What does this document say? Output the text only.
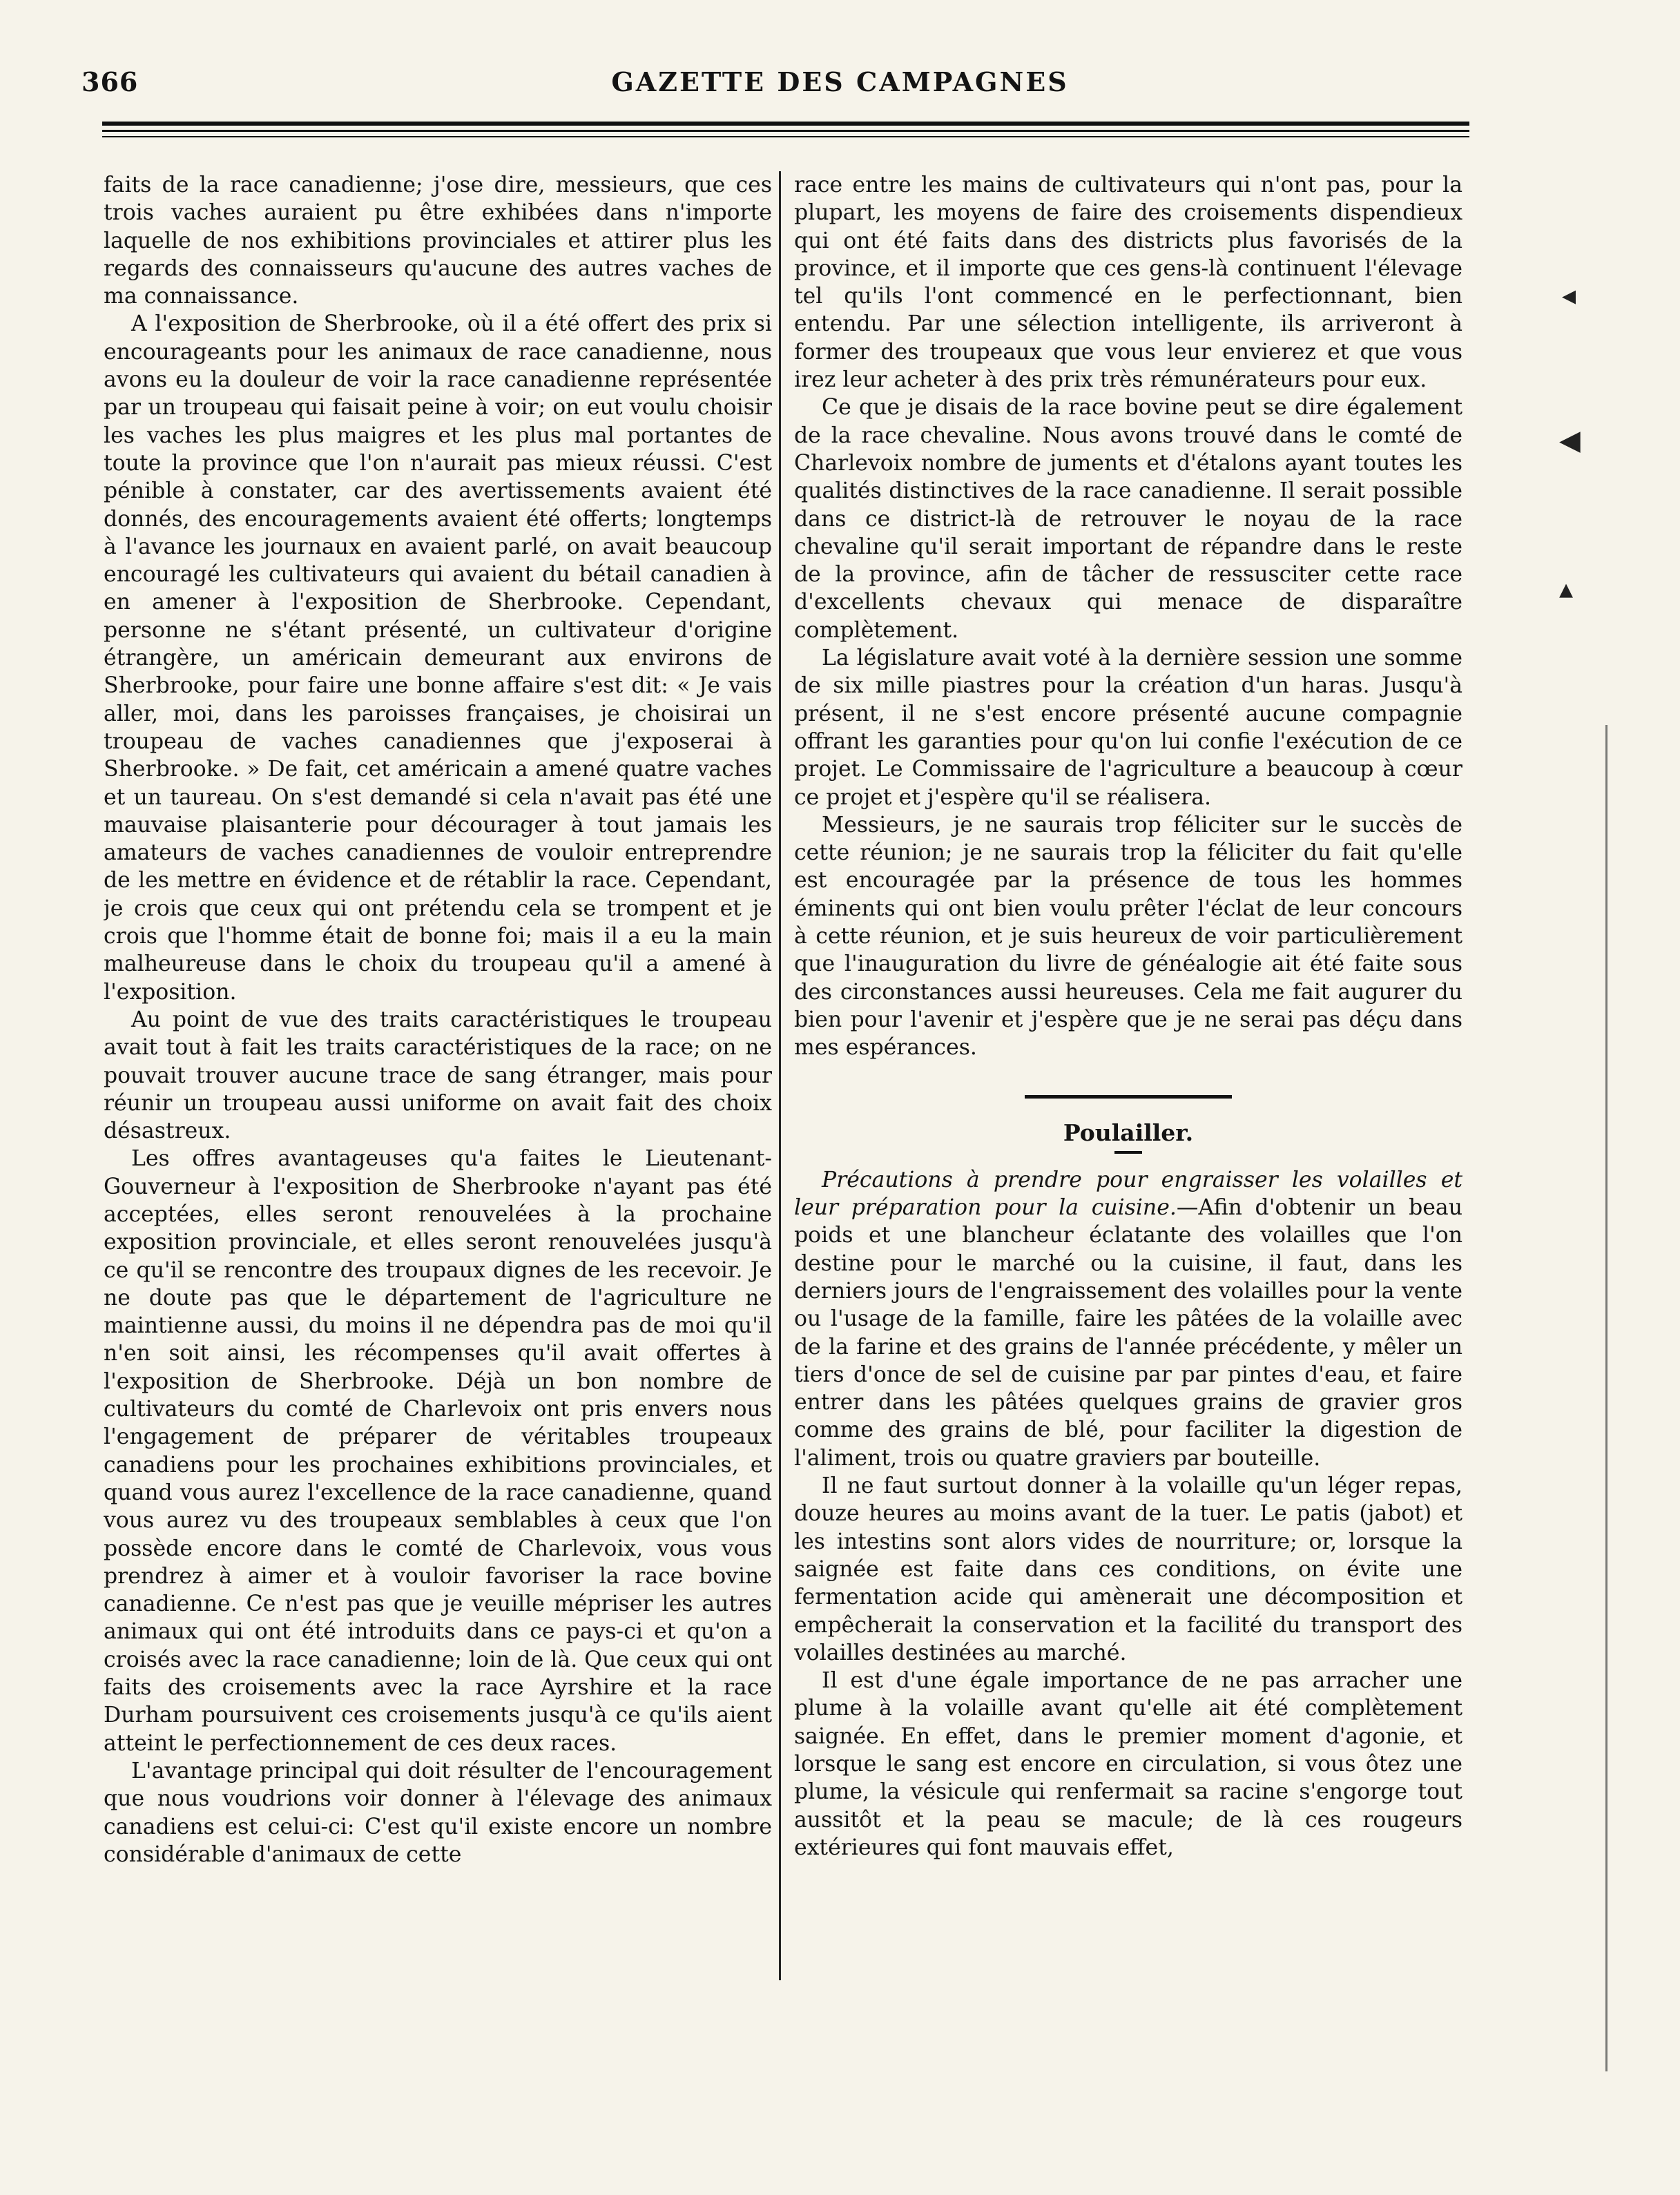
366	GAZETTE DES CAMPAGNES

faits de la race canadienne; j'ose dire, messieurs, que ces trois vaches auraient pu être exhibées dans n'importe laquelle de nos exhibitions provinciales et attirer plus les regards des connaisseurs qu'aucune des autres vaches de ma connaissance.

A l'exposition de Sherbrooke, où il a été offert des prix si encourageants pour les animaux de race canadienne, nous avons eu la douleur de voir la race canadienne représentée par un troupeau qui faisait peine à voir; on eut voulu choisir les vaches les plus maigres et les plus mal portantes de toute la province que l'on n'aurait pas mieux réussi. C'est pénible à constater, car des avertissements avaient été donnés, des encouragements avaient été offerts; longtemps à l'avance les journaux en avaient parlé, on avait beaucoup encouragé les cultivateurs qui avaient du bétail canadien à en amener à l'exposition de Sherbrooke. Cependant, personne ne s'étant présenté, un cultivateur d'origine étrangère, un américain demeurant aux environs de Sherbrooke, pour faire une bonne affaire s'est dit: « Je vais aller, moi, dans les paroisses françaises, je choisirai un troupeau de vaches canadiennes que j'exposerai à Sherbrooke. » De fait, cet américain a amené quatre vaches et un taureau. On s'est demandé si cela n'avait pas été une mauvaise plaisanterie pour décourager à tout jamais les amateurs de vaches canadiennes de vouloir entreprendre de les mettre en évidence et de rétablir la race. Cependant, je crois que ceux qui ont prétendu cela se trompent et je crois que l'homme était de bonne foi; mais il a eu la main malheureuse dans le choix du troupeau qu'il a amené à l'exposition.

Au point de vue des traits caractéristiques le troupeau avait tout à fait les traits caractéristiques de la race; on ne pouvait trouver aucune trace de sang étranger, mais pour réunir un troupeau aussi uniforme on avait fait des choix désastreux.

Les offres avantageuses qu'a faites le Lieutenant-Gouverneur à l'exposition de Sherbrooke n'ayant pas été acceptées, elles seront renouvelées à la prochaine exposition provinciale, et elles seront renouvelées jusqu'à ce qu'il se rencontre des troupaux dignes de les recevoir. Je ne doute pas que le département de l'agriculture ne maintienne aussi, du moins il ne dépendra pas de moi qu'il n'en soit ainsi, les récompenses qu'il avait offertes à l'exposition de Sherbrooke. Déjà un bon nombre de cultivateurs du comté de Charlevoix ont pris envers nous l'engagement de préparer de véritables troupeaux canadiens pour les prochaines exhibitions provinciales, et quand vous aurez l'excellence de la race canadienne, quand vous aurez vu des troupeaux semblables à ceux que l'on possède encore dans le comté de Charlevoix, vous vous prendrez à aimer et à vouloir favoriser la race bovine canadienne. Ce n'est pas que je veuille mépriser les autres animaux qui ont été introduits dans ce pays-ci et qu'on a croisés avec la race canadienne; loin de là. Que ceux qui ont faits des croisements avec la race Ayrshire et la race Durham poursuivent ces croisements jusqu'à ce qu'ils aient atteint le perfectionnement de ces deux races.

L'avantage principal qui doit résulter de l'encouragement que nous voudrions voir donner à l'élevage des animaux canadiens est celui-ci: C'est qu'il existe encore un nombre considérable d'animaux de cette

race entre les mains de cultivateurs qui n'ont pas, pour la plupart, les moyens de faire des croisements dispendieux qui ont été faits dans des districts plus favorisés de la province, et il importe que ces gens-là continuent l'élevage tel qu'ils l'ont commencé en le perfectionnant, bien entendu. Par une sélection intelligente, ils arriveront à former des troupeaux que vous leur envierez et que vous irez leur acheter à des prix très rémunérateurs pour eux.

Ce que je disais de la race bovine peut se dire également de la race chevaline. Nous avons trouvé dans le comté de Charlevoix nombre de juments et d'étalons ayant toutes les qualités distinctives de la race canadienne. Il serait possible dans ce district-là de retrouver le noyau de la race chevaline qu'il serait important de répandre dans le reste de la province, afin de tâcher de ressusciter cette race d'excellents chevaux qui menace de disparaître complètement.

La législature avait voté à la dernière session une somme de six mille piastres pour la création d'un haras. Jusqu'à présent, il ne s'est encore présenté aucune compagnie offrant les garanties pour qu'on lui confie l'exécution de ce projet. Le Commissaire de l'agriculture a beaucoup à cœur ce projet et j'espère qu'il se réalisera.

Messieurs, je ne saurais trop féliciter sur le succès de cette réunion; je ne saurais trop la féliciter du fait qu'elle est encouragée par la présence de tous les hommes éminents qui ont bien voulu prêter l'éclat de leur concours à cette réunion, et je suis heureux de voir particulièrement que l'inauguration du livre de généalogie ait été faite sous des circonstances aussi heureuses. Cela me fait augurer du bien pour l'avenir et j'espère que je ne serai pas déçu dans mes espérances.

Poulailler.

Précautions à prendre pour engraisser les volailles et leur préparation pour la cuisine.—Afin d'obtenir un beau poids et une blancheur éclatante des volailles que l'on destine pour le marché ou la cuisine, il faut, dans les derniers jours de l'engraissement des volailles pour la vente ou l'usage de la famille, faire les pâtées de la volaille avec de la farine et des grains de l'année précédente, y mêler un tiers d'once de sel de cuisine par par pintes d'eau, et faire entrer dans les pâtées quelques grains de gravier gros comme des grains de blé, pour faciliter la digestion de l'aliment, trois ou quatre graviers par bouteille.

Il ne faut surtout donner à la volaille qu'un léger repas, douze heures au moins avant de la tuer. Le patis (jabot) et les intestins sont alors vides de nourriture; or, lorsque la saignée est faite dans ces conditions, on évite une fermentation acide qui amènerait une décomposition et empêcherait la conservation et la facilité du transport des volailles destinées au marché.

Il est d'une égale importance de ne pas arracher une plume à la volaille avant qu'elle ait été complètement saignée. En effet, dans le premier moment d'agonie, et lorsque le sang est encore en circulation, si vous ôtez une plume, la vésicule qui renfermait sa racine s'engorge tout aussitôt et la peau se macule; de là ces rougeurs extérieures qui font mauvais effet,

◂
▴
◀
